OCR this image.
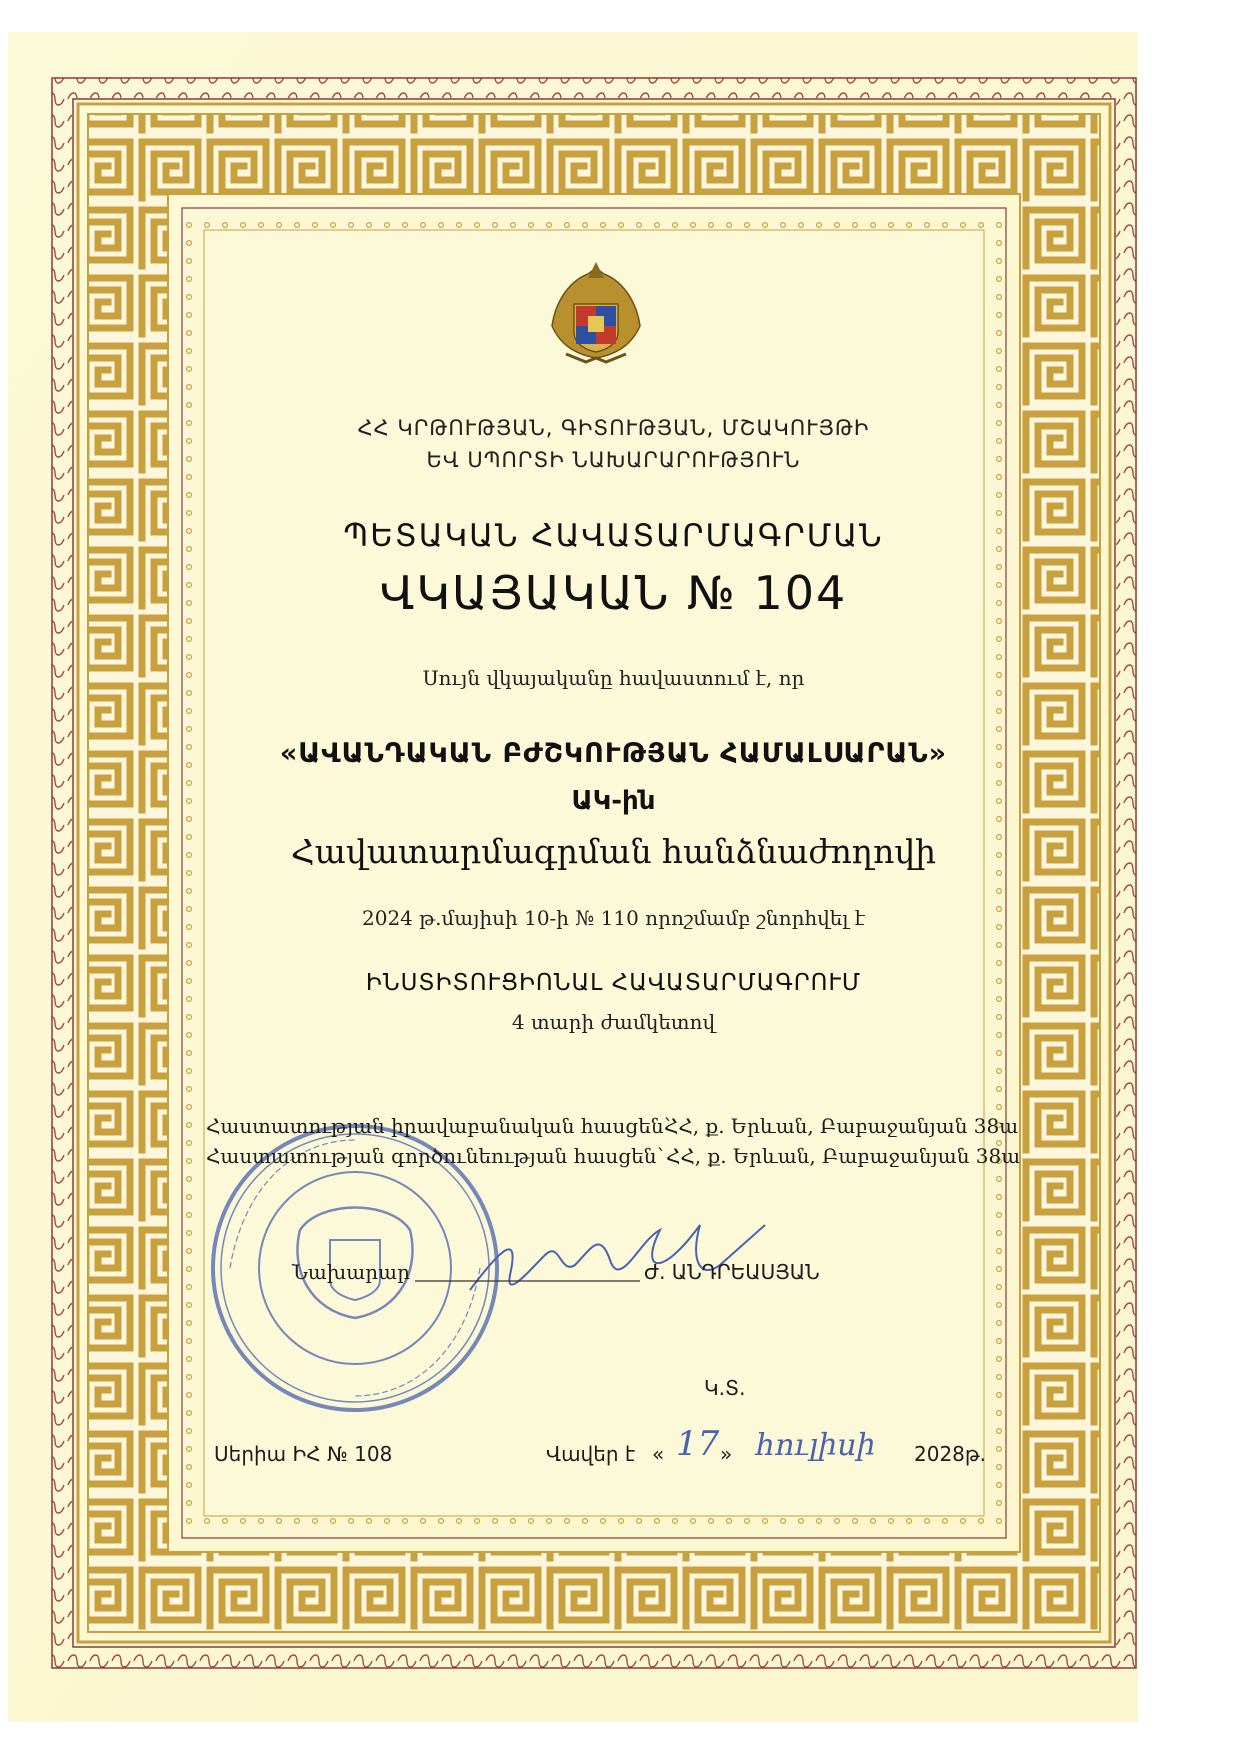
ՀՀ ԿՐԹՈՒԹՅԱՆ, ԳԻՏՈՒԹՅԱՆ, ՄՇԱԿՈՒՅԹԻ
ԵՎ ՍՊՈՐՏԻ ՆԱԽԱՐԱՐՈՒԹՅՈՒՆ
ՊԵՏԱԿԱՆ ՀԱՎԱՏԱՐՄԱԳՐՄԱՆ
ՎԿԱՅԱԿԱՆ № 104
Սույն վկայականը հավաստում է, որ
«ԱՎԱՆԴԱԿԱՆ ԲԺՇԿՈՒԹՅԱՆ ՀԱՄԱԼՍԱՐԱՆ»
ԱԿ-ին
Հավատարմագրման հանձնաժողովի
2024 թ.մայիսի 10-ի № 110 որոշմամբ շնորհվել է
ԻՆՍՏԻՏՈՒՑԻՈՆԱԼ ՀԱՎԱՏԱՐՄԱԳՐՈՒՄ
4 տարի ժամկետով
Հաստատության իրավաբանական հասցեն՝
ՀՀ, ք. Երևան, Բաբաջանյան 38ա
Հաստատության գործունեության հասցեն՝ ՀՀ, ք. Երևան, Բաբաջանյան 38ա
Նախարար	Ժ. ԱՆԴՐԵԱՍՅԱՆ
Կ.Տ.
Սերիա ԻՀ № 108	Վավեր է « 17 » հուլիսի 2028թ.
